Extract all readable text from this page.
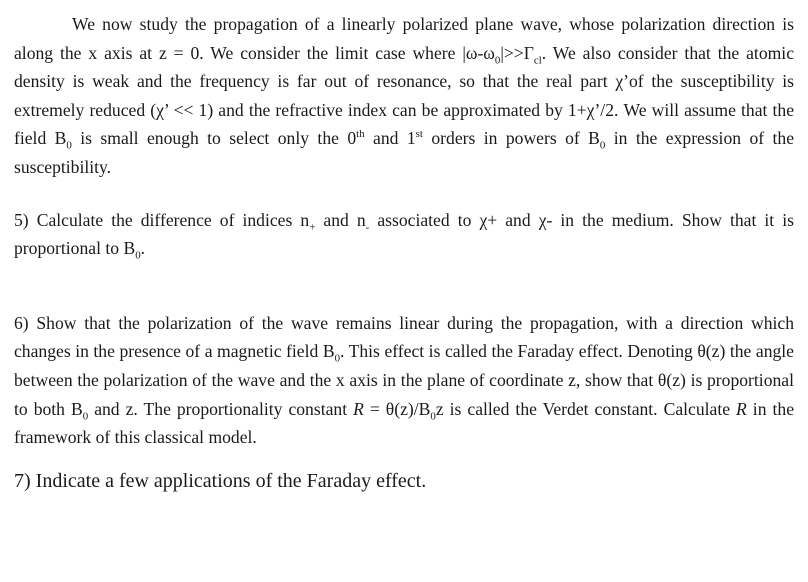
We now study the propagation of a linearly polarized plane wave, whose polarization direction is along the x axis at z = 0. We consider the limit case where $|\omega-\omega_0|>>\Gamma_{cl}$. We also consider that the atomic density is weak and the frequency is far out of resonance, so that the real part χ’of the susceptibility is extremely reduced (χ’ << 1) and the refractive index can be approximated by 1+χ’/2. We will assume that the field $B_0$ is small enough to select only the 0th and 1st orders in powers of $B_0$ in the expression of the susceptibility.

5) Calculate the difference of indices $n_+$ and $n_-$ associated to χ+ and χ- in the medium. Show that it is proportional to $B_0$.

6) Show that the polarization of the wave remains linear during the propagation, with a direction which changes in the presence of a magnetic field $B_0$. This effect is called the Faraday effect. Denoting θ(z) the angle between the polarization of the wave and the x axis in the plane of coordinate z, show that θ(z) is proportional to both $B_0$ and z. The proportionality constant $R = \theta(z)/B_0z$ is called the Verdet constant. Calculate R in the framework of this classical model.

7) Indicate a few applications of the Faraday effect.
